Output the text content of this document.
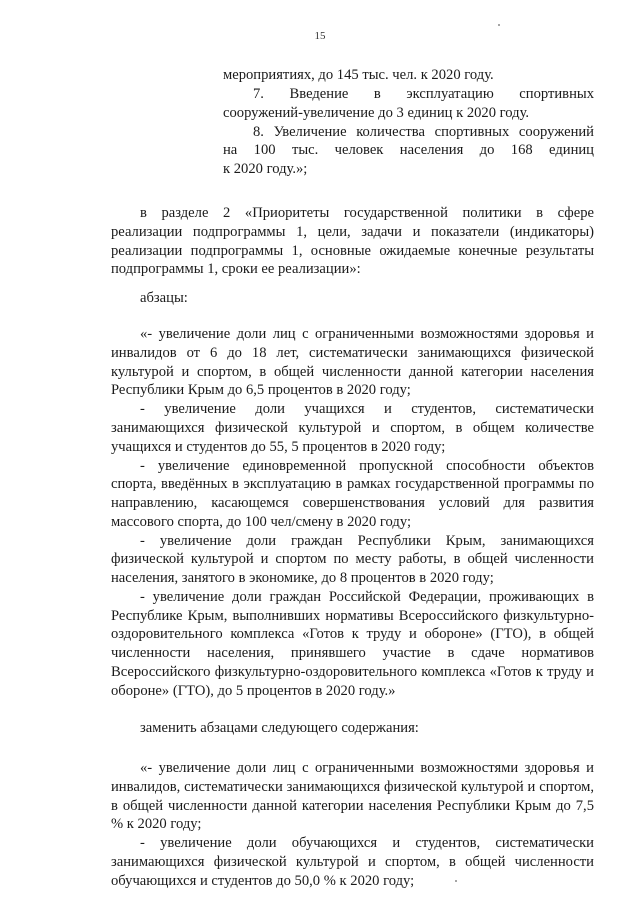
15
мероприятиях, до 145 тыс. чел. к 2020 году.
7. Введение в эксплуатацию спортивных
сооружений-увеличение до 3 единиц к 2020 году.
8. Увеличение количества спортивных сооружений
на 100 тыс. человек населения до 168 единиц
к 2020 году.»;
в разделе 2 «Приоритеты государственной политики в сфере
реализации подпрограммы 1, цели, задачи и показатели (индикаторы)
реализации подпрограммы 1, основные ожидаемые конечные результаты
подпрограммы 1, сроки ее реализации»:
абзацы:
«- увеличение доли лиц с ограниченными возможностями здоровья и
инвалидов от 6 до 18 лет, систематически занимающихся физической
культурой и спортом, в общей численности данной категории населения
Республики Крым до 6,5 процентов в 2020 году;
- увеличение доли учащихся и студентов, систематически
занимающихся физической культурой и спортом, в общем количестве
учащихся и студентов до 55, 5 процентов в 2020 году;
- увеличение единовременной пропускной способности объектов
спорта, введённых в эксплуатацию в рамках государственной программы по
направлению, касающемся совершенствования условий для развития
массового спорта, до 100 чел/смену в 2020 году;
- увеличение доли граждан Республики Крым, занимающихся
физической культурой и спортом по месту работы, в общей численности
населения, занятого в экономике, до 8 процентов в 2020 году;
- увеличение доли граждан Российской Федерации, проживающих в
Республике Крым, выполнивших нормативы Всероссийского физкультурно-
оздоровительного комплекса «Готов к труду и обороне» (ГТО), в общей
численности населения, принявшего участие в сдаче нормативов
Всероссийского физкультурно-оздоровительного комплекса «Готов к труду и
обороне» (ГТО), до 5 процентов в 2020 году.»
заменить абзацами следующего содержания:
«- увеличение доли лиц с ограниченными возможностями здоровья и
инвалидов, систематически занимающихся физической культурой и спортом,
в общей численности данной категории населения Республики Крым до 7,5
% к 2020 году;
- увеличение доли обучающихся и студентов, систематически
занимающихся физической культурой и спортом, в общей численности
обучающихся и студентов до 50,0 % к 2020 году;
